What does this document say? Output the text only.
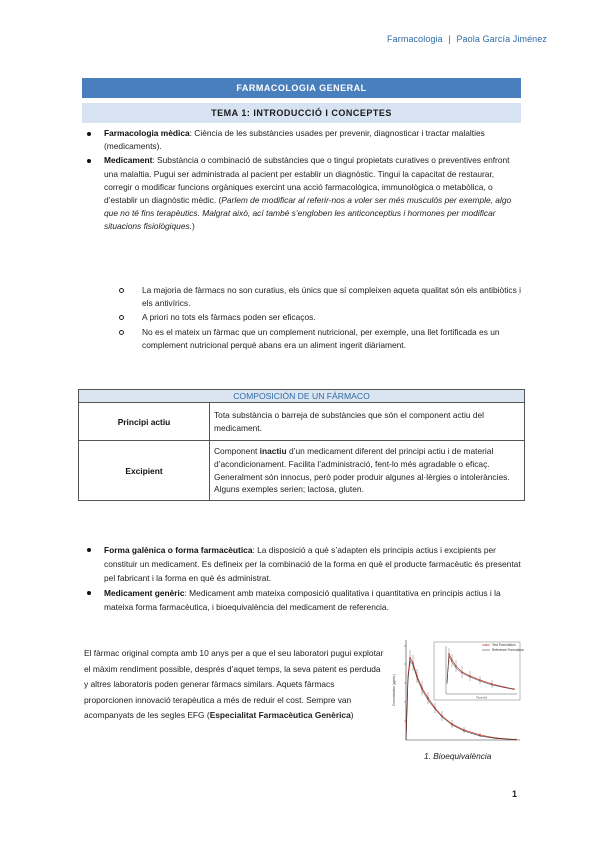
Farmacologia | Paola García Jiménez
FARMACOLOGIA GENERAL
TEMA 1: INTRODUCCIÓ I CONCEPTES
Farmacologia mèdica: Ciència de les substàncies usades per prevenir, diagnosticar i tractar malalties (medicaments).
Medicament: Substància o combinació de substàncies que o tingui propietats curatives o preventives enfront una malaltia. Pugui ser administrada al pacient per establir un diagnòstic. Tingui la capacitat de restaurar, corregir o modificar funcions orgàniques exercint una acció farmacològica, immunològica o metabòlica, o d’establir un diagnòstic mèdic. (Parlem de modificar al referir-nos a voler ser més musculós per exemple, algo que no té fins terapèutics. Malgrat això, ací també s’engloben les anticonceptius i hormones per modificar situacions fisiològiques.)
La majoria de fàrmacs no son curatius, els únics que sí compleixen aqueta qualitat són els antibiòtics i els antivírics.
A priori no tots els fàrmacs poden ser eficaços.
No es el mateix un fàrmac que un complement nutricional, per exemple, una llet fortificada es un complement nutricional perquè abans era un aliment ingerit diàriament.
COMPOSICIÓN DE UN FÁRMACO	
Principi actiu	Tota substància o barreja de substàncies que són el component actiu del medicament.
Excipient	Component inactiu d’un medicament diferent del principi actiu i de material d’acondicionament. Facilita l’administració, fent-lo més agradable o eficaç. Generalment són innocus, però poder produir algunes al·lèrgies o intoleràncies. Alguns exemples serien; lactosa, gluten.
Forma galènica o forma farmacèutica: La disposició a què s’adapten els principis actius i excipients per constituir un medicament. Es defineix per la combinació de la forma en què el producte farmacèutic és presentat pel fabricant i la forma en què és administrat.
Medicament genèric: Medicament amb mateixa composició qualitativa i quantitativa en principis actius i la mateixa forma farmacèutica, i bioequivalència del medicament de referencia.
El fàrmac original compta amb 10 anys per a que el seu laboratori pugui explotar el màxim rendiment possible, després d’aquet temps, la seva patent es perduda y altres laboratoris poden generar fàrmacs similars. Aquets fàrmacs proporcionen innovació terapèutica a més de reduir el cost. Sempre van acompanyats de les segles EFG (Especialitat Farmacèutica Genèrica)
Concentration (µg/mL)	Time (h)
Test Formulation
Reference Formulation
1. Bioequivalència
1
